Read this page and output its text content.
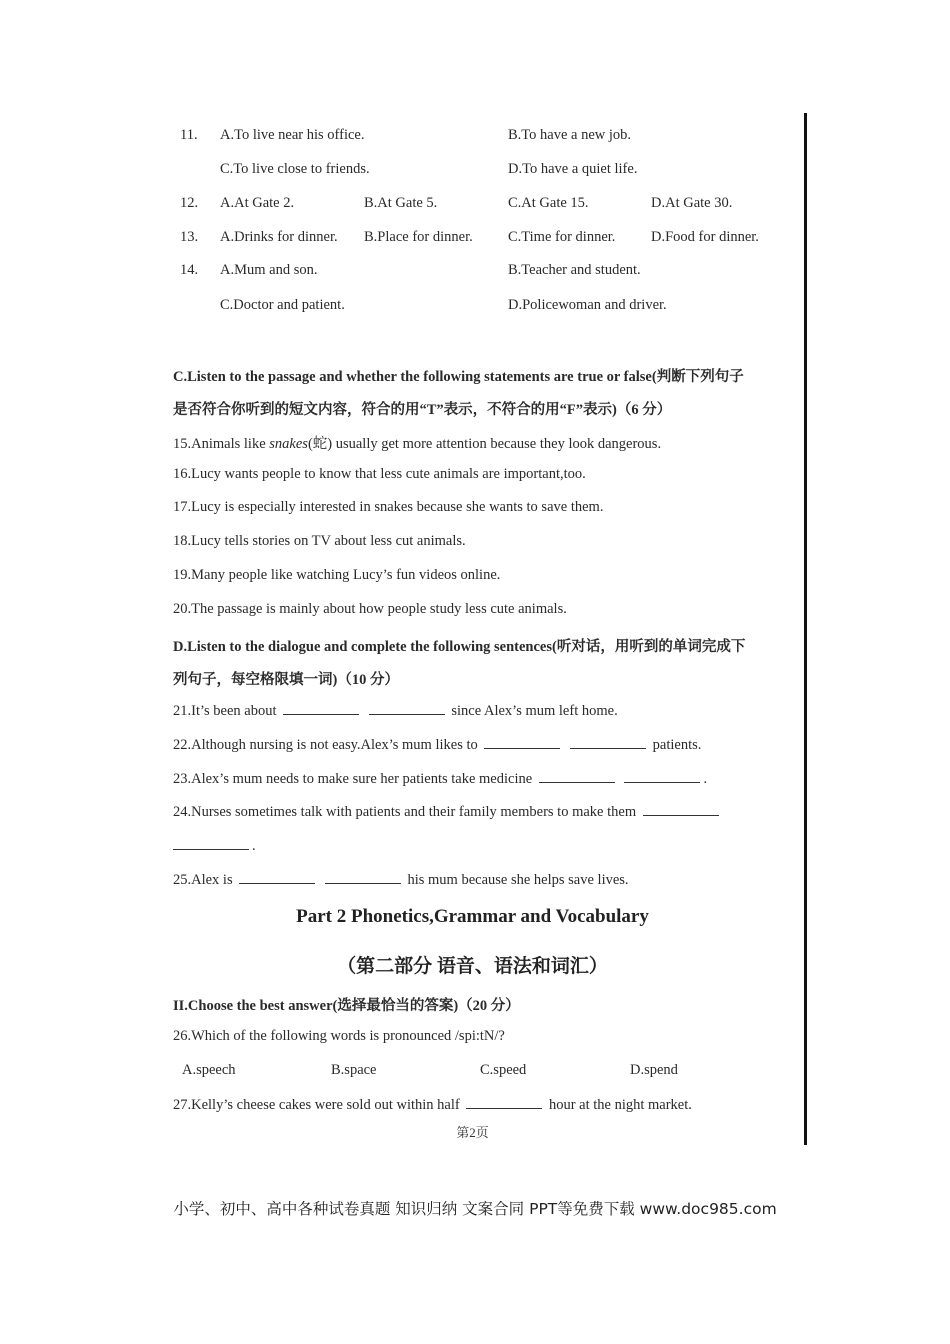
11. A.To live near his office.	B.To have a new job.
C.To live close to friends.	D.To have a quiet life.
12. A.At Gate 2.	B.At Gate 5.	C.At Gate 15.	D.At Gate 30.
13. A.Drinks for dinner. B.Place for dinner. C.Time for dinner. D.Food for dinner.
14. A.Mum and son.	B.Teacher and student.
C.Doctor and patient.	D.Policewoman and driver.
C.Listen to the passage and whether the following statements are true or false(判断下列句子
是否符合你听到的短文内容，符合的用“T”表示，不符合的用“F”表示)（6 分）
15.Animals like snakes(蛇) usually get more attention because they look dangerous.
16.Lucy wants people to know that less cute animals are important,too.
17.Lucy is especially interested in snakes because she wants to save them.
18.Lucy tells stories on TV about less cut animals.
19.Many people like watching Lucy’s fun videos online.
20.The passage is mainly about how people study less cute animals.
D.Listen to the dialogue and complete the following sentences(听对话，用听到的单词完成下
列句子，每空格限填一词)（10 分）
21.It’s been about	since Alex’s mum left home.
22.Although nursing is not easy.Alex’s mum likes to	patients.
23.Alex’s mum needs to make sure her patients take medicine	.
24.Nurses sometimes talk with patients and their family members to make them
.
25.Alex is	his mum because she helps save lives.
Part 2 Phonetics,Grammar and Vocabulary
（第二部分 语音、语法和词汇）
II.Choose the best answer(选择最恰当的答案)（20 分）
26.Which of the following words is pronounced /spi:tN/?
A.speech	B.space	C.speed	D.spend
27.Kelly’s cheese cakes were sold out within half	hour at the night market.
第2页
小学、初中、高中各种试卷真题 知识归纳 文案合同 PPT等免费下载 www.doc985.com
